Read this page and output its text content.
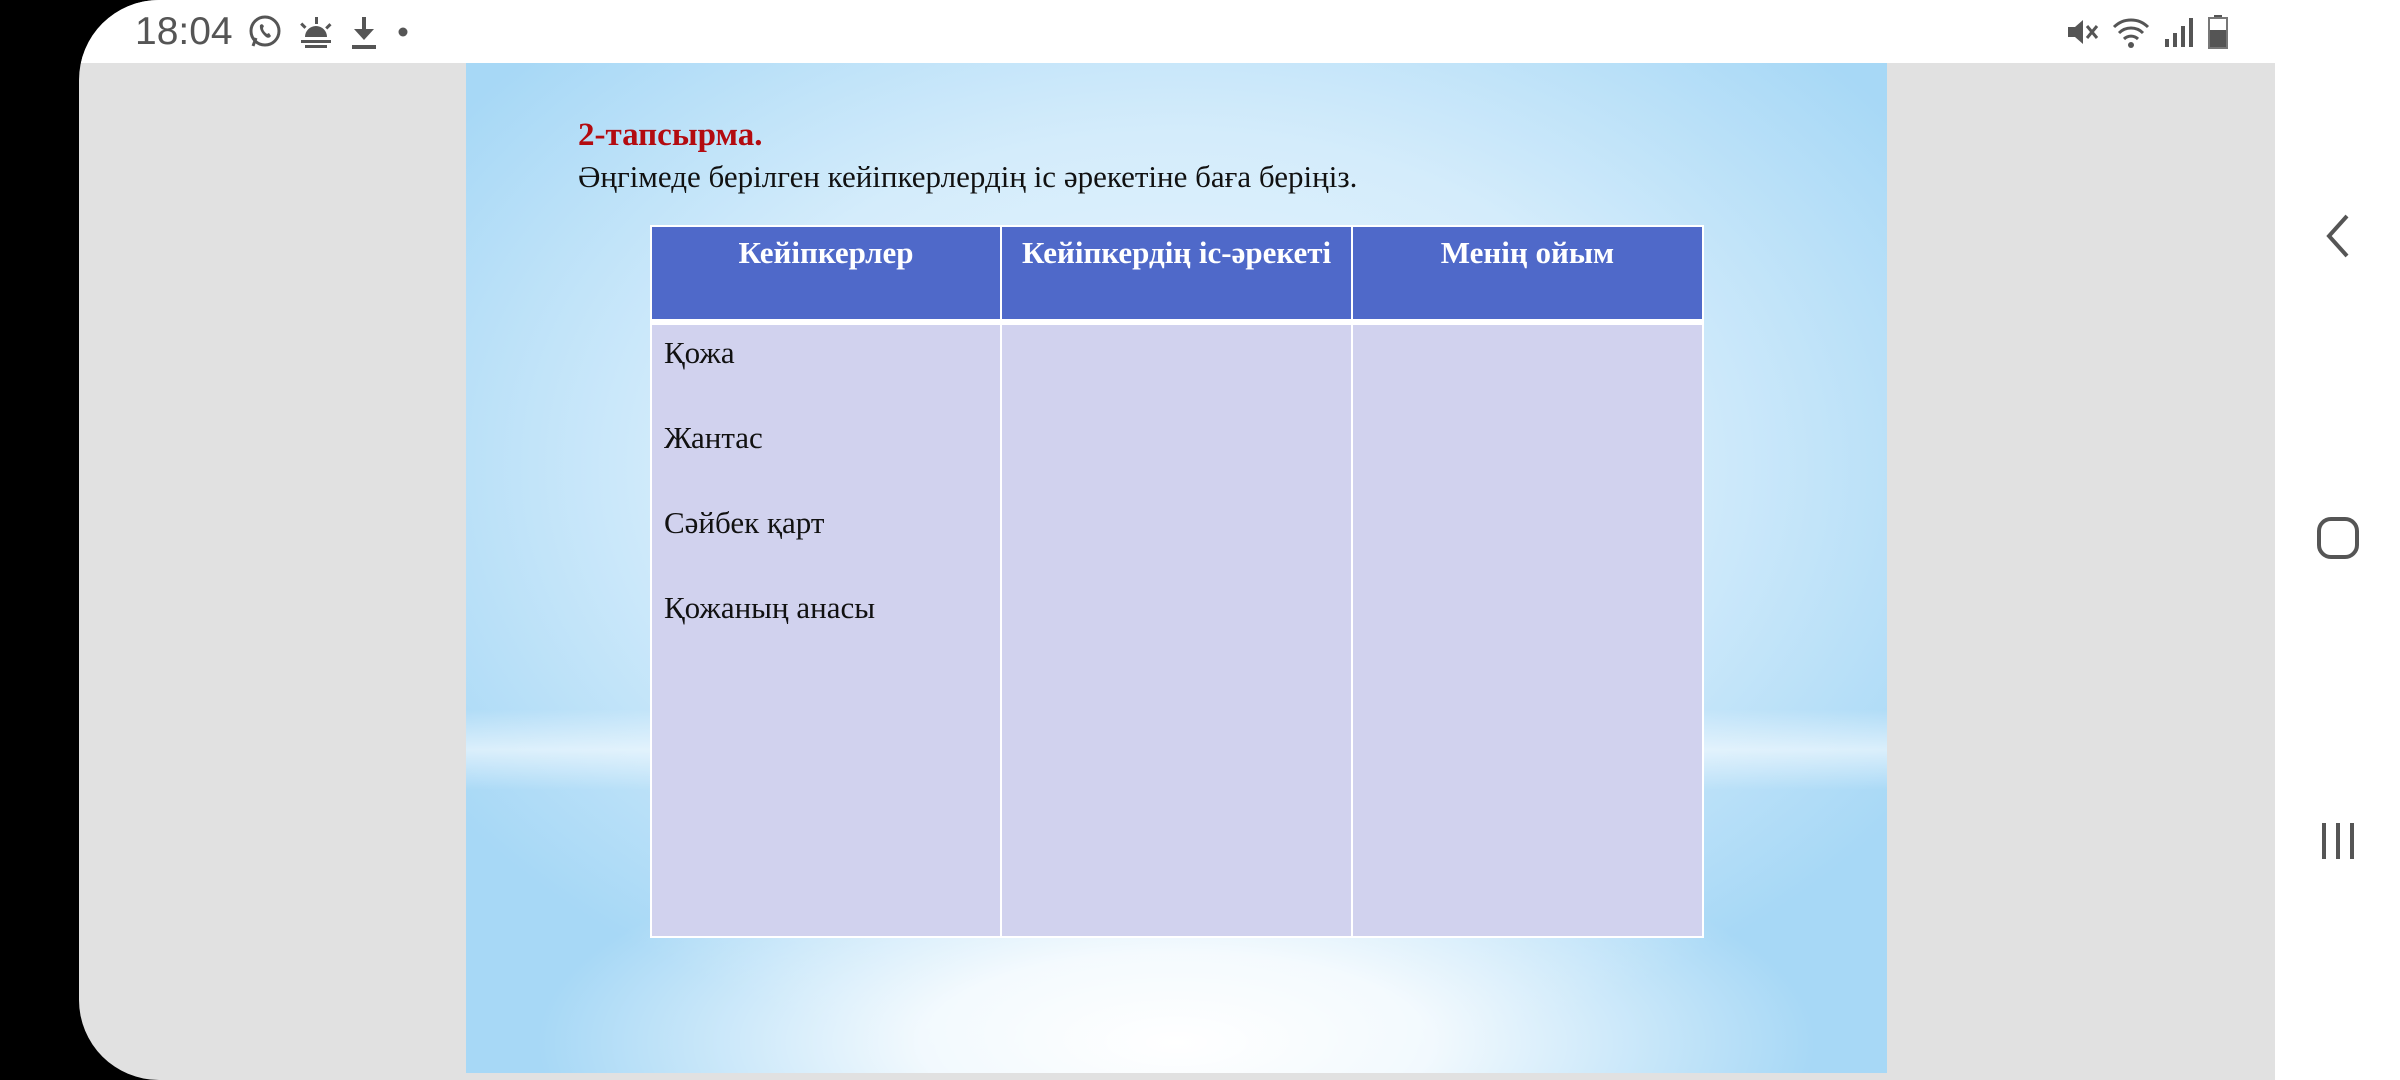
18:04
2-тапсырма.
Әңгімеде берілген кейіпкерлердің іс әрекетіне баға беріңіз.
Кейіпкерлер	Кейіпкердің іс-әрекеті	Менің ойым

Қожа
Жантас
Сәйбек қарт
Қожаның анасы		
